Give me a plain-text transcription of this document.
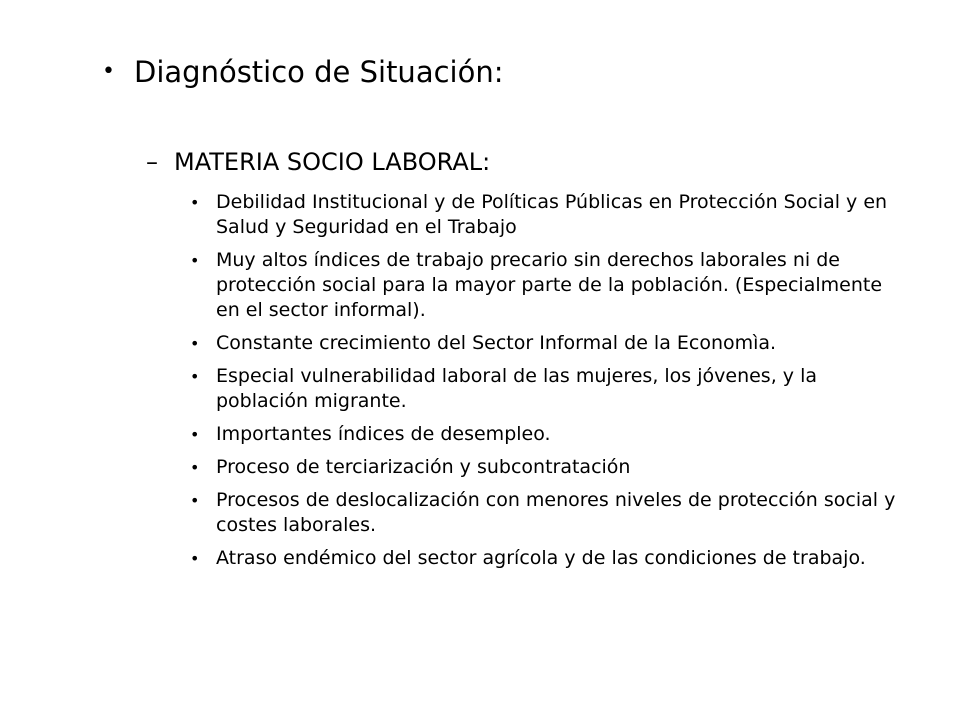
• Diagnóstico de Situación:
– MATERIA SOCIO LABORAL:
• Debilidad Institucional y de Políticas Públicas en Protección Social y en Salud y Seguridad en el Trabajo
• Muy altos índices de trabajo precario sin derechos laborales ni de protección social para la mayor parte de la población. (Especialmente en el sector informal).
• Constante crecimiento del Sector Informal de la Economìa.
• Especial vulnerabilidad laboral de las mujeres, los jóvenes, y la población migrante.
• Importantes índices de desempleo.
• Proceso de terciarización y subcontratación
• Procesos de deslocalización con menores niveles de protección social y costes laborales.
• Atraso endémico del sector agrícola y de las condiciones de trabajo.
